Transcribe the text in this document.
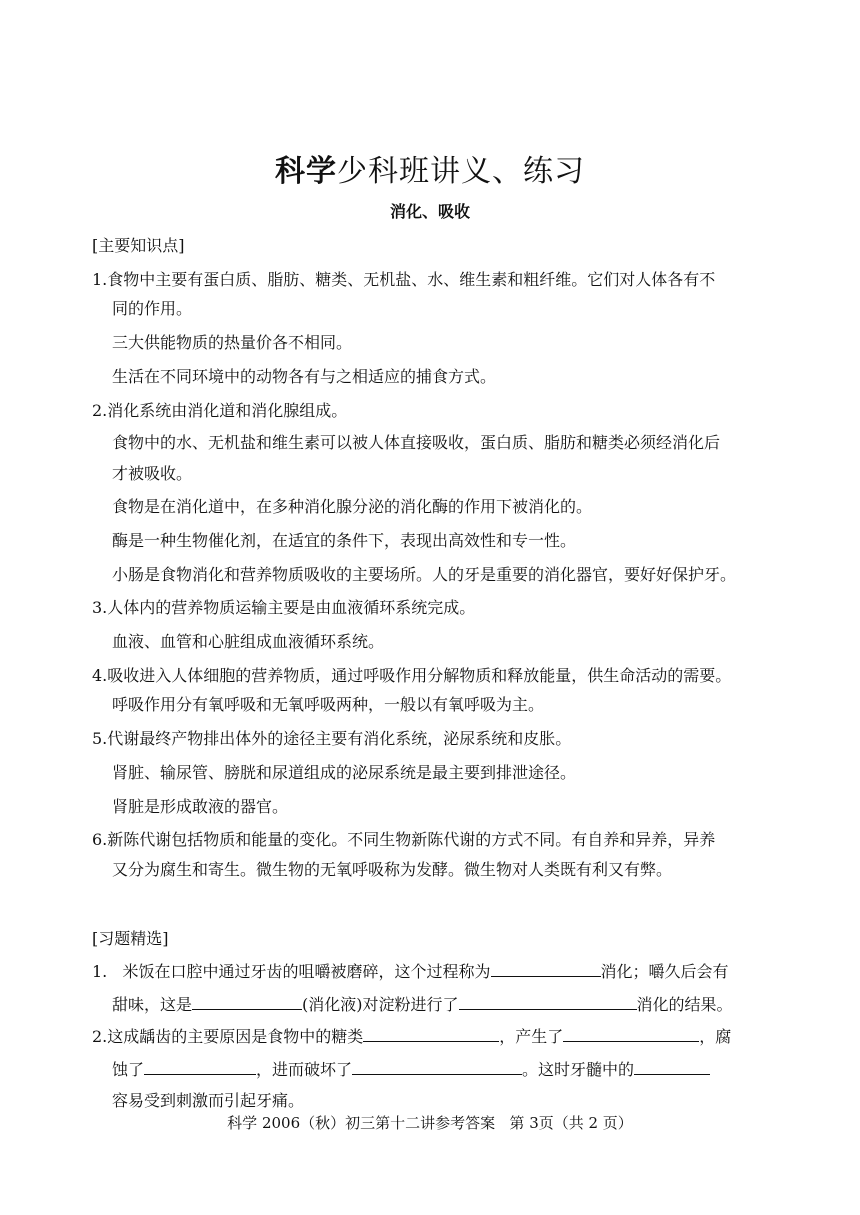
科学少科班讲义、练习
消化、吸收
[主要知识点]
1.食物中主要有蛋白质、脂肪、糖类、无机盐、水、维生素和粗纤维。它们对人体各有不
同的作用。
三大供能物质的热量价各不相同。
生活在不同环境中的动物各有与之相适应的捕食方式。
2.消化系统由消化道和消化腺组成。
食物中的水、无机盐和维生素可以被人体直接吸收，蛋白质、脂肪和糖类必须经消化后
才被吸收。
食物是在消化道中，在多种消化腺分泌的消化酶的作用下被消化的。
酶是一种生物催化剂，在适宜的条件下，表现出高效性和专一性。
小肠是食物消化和营养物质吸收的主要场所。人的牙是重要的消化器官，要好好保护牙。
3.人体内的营养物质运输主要是由血液循环系统完成。
血液、血管和心脏组成血液循环系统。
4.吸收进入人体细胞的营养物质，通过呼吸作用分解物质和释放能量，供生命活动的需要。
呼吸作用分有氧呼吸和无氧呼吸两种，一般以有氧呼吸为主。
5.代谢最终产物排出体外的途径主要有消化系统，泌尿系统和皮胀。
肾脏、输尿管、膀胱和尿道组成的泌尿系统是最主要到排泄途径。
肾脏是形成敢液的器官。
6.新陈代谢包括物质和能量的变化。不同生物新陈代谢的方式不同。有自养和异养，异养
又分为腐生和寄生。微生物的无氧呼吸称为发酵。微生物对人类既有利又有弊。
[习题精选]
1.   米饭在口腔中通过牙齿的咀嚼被磨碎，这个过程称为	消化；嚼久后会有
甜味，这是	(消化液)对淀粉进行了	消化的结果。
2.这成龋齿的主要原因是食物中的糖类	，产生了	，腐
蚀了	，进而破坏了	。这时牙髓中的
容易受到刺激而引起牙痛。
科学 2006（秋）初三第十二讲参考答案   第 3页（共 2 页）
